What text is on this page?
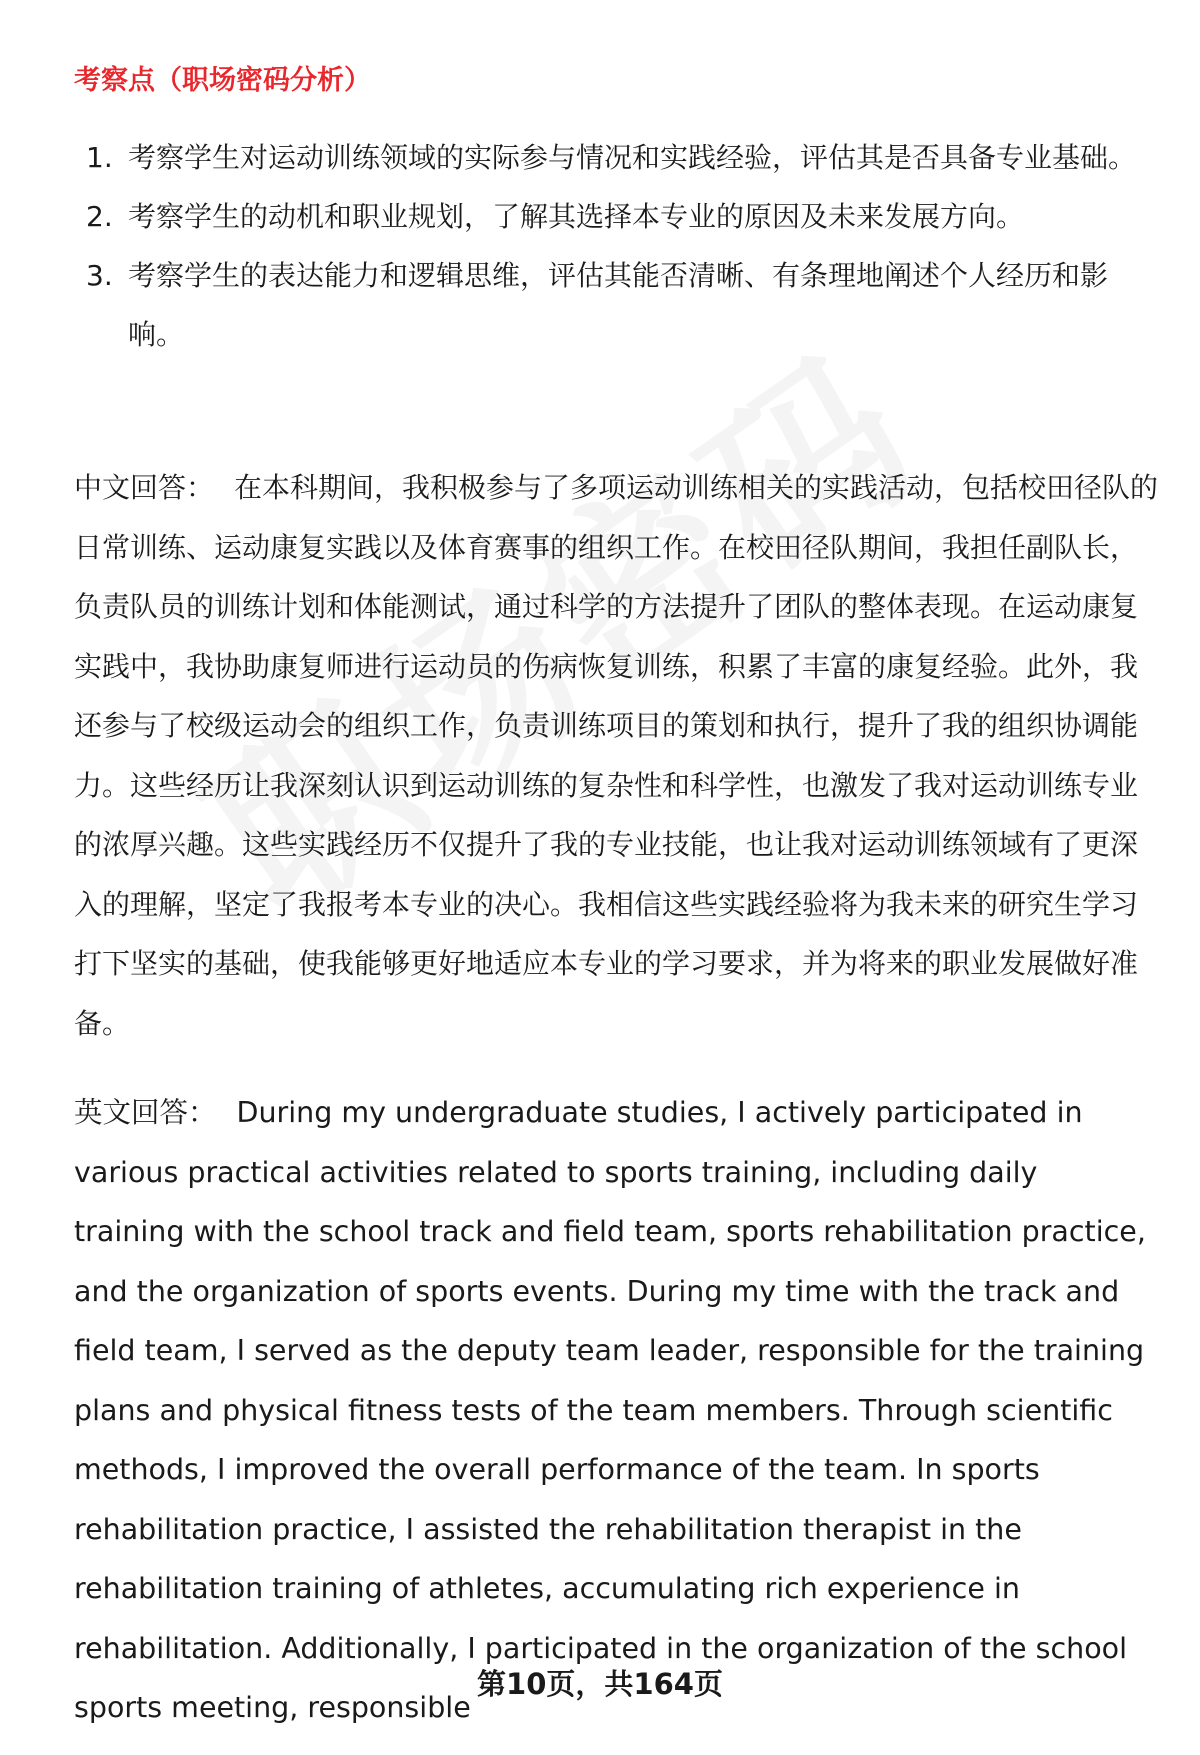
考察点（职场密码分析）
1. 考察学生对运动训练领域的实际参与情况和实践经验，评估其是否具备专业基础。
2. 考察学生的动机和职业规划，了解其选择本专业的原因及未来发展方向。
3. 考察学生的表达能力和逻辑思维，评估其能否清晰、有条理地阐述个人经历和影响。

中文回答： 在本科期间，我积极参与了多项运动训练相关的实践活动，包括校田径队的日常训练、运动康复实践以及体育赛事的组织工作。在校田径队期间，我担任副队长，负责队员的训练计划和体能测试，通过科学的方法提升了团队的整体表现。在运动康复实践中，我协助康复师进行运动员的伤病恢复训练，积累了丰富的康复经验。此外，我还参与了校级运动会的组织工作，负责训练项目的策划和执行，提升了我的组织协调能力。这些经历让我深刻认识到运动训练的复杂性和科学性，也激发了我对运动训练专业的浓厚兴趣。这些实践经历不仅提升了我的专业技能，也让我对运动训练领域有了更深入的理解，坚定了我报考本专业的决心。我相信这些实践经验将为我未来的研究生学习打下坚实的基础，使我能够更好地适应本专业的学习要求，并为将来的职业发展做好准备。

英文回答： During my undergraduate studies, I actively participated in various practical activities related to sports training, including daily training with the school track and field team, sports rehabilitation practice, and the organization of sports events. During my time with the track and field team, I served as the deputy team leader, responsible for the training plans and physical fitness tests of the team members. Through scientific methods, I improved the overall performance of the team. In sports rehabilitation practice, I assisted the rehabilitation therapist in the rehabilitation training of athletes, accumulating rich experience in rehabilitation. Additionally, I participated in the organization of the school sports meeting, responsible

第10页，共164页
